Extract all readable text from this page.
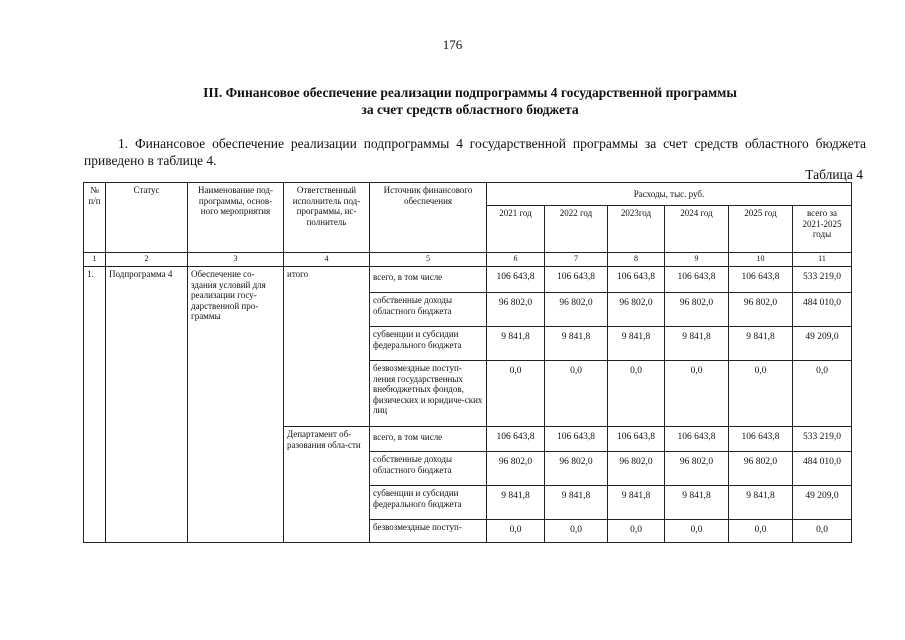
176
III. Финансовое обеспечение реализации подпрограммы 4 государственной программы
за счет средств областного бюджета
1. Финансовое обеспечение реализации подпрограммы 4 государственной программы за счет средств областного бюджета приведено в таблице 4.
Таблица 4
№ п/п	Статус	Наименование под-программы, основ-ного мероприятия	Ответственный исполнитель под-программы, ис-полнитель	Источник финансового обеспечения	Расходы, тыс. руб.					
					2021 год	2022 год	2023год	2024 год	2025 год	всего за 2021-2025 годы
1	2	3	4	5	6	7	8	9	10	11
1.	Подпрограмма 4	Обеспечение со-здания условий для реализации госу-дарственной про-граммы	итого	всего, в том числе	106 643,8	106 643,8	106 643,8	106 643,8	106 643,8	533 219,0
				собственные доходы областного бюджета	96 802,0	96 802,0	96 802,0	96 802,0	96 802,0	484 010,0
				субвенции и субсидии федерального бюджета	9 841,8	9 841,8	9 841,8	9 841,8	9 841,8	49 209,0
				безвозмездные поступ-ления государственных внебюджетных фондов, физических и юридиче-ских лиц	0,0	0,0	0,0	0,0	0,0	0,0
			Департамент об-разования обла-сти	всего, в том числе	106 643,8	106 643,8	106 643,8	106 643,8	106 643,8	533 219,0
				собственные доходы областного бюджета	96 802,0	96 802,0	96 802,0	96 802,0	96 802,0	484 010,0
				субвенции и субсидии федерального бюджета	9 841,8	9 841,8	9 841,8	9 841,8	9 841,8	49 209,0
				безвозмездные поступ-	0,0	0,0	0,0	0,0	0,0	0,0
